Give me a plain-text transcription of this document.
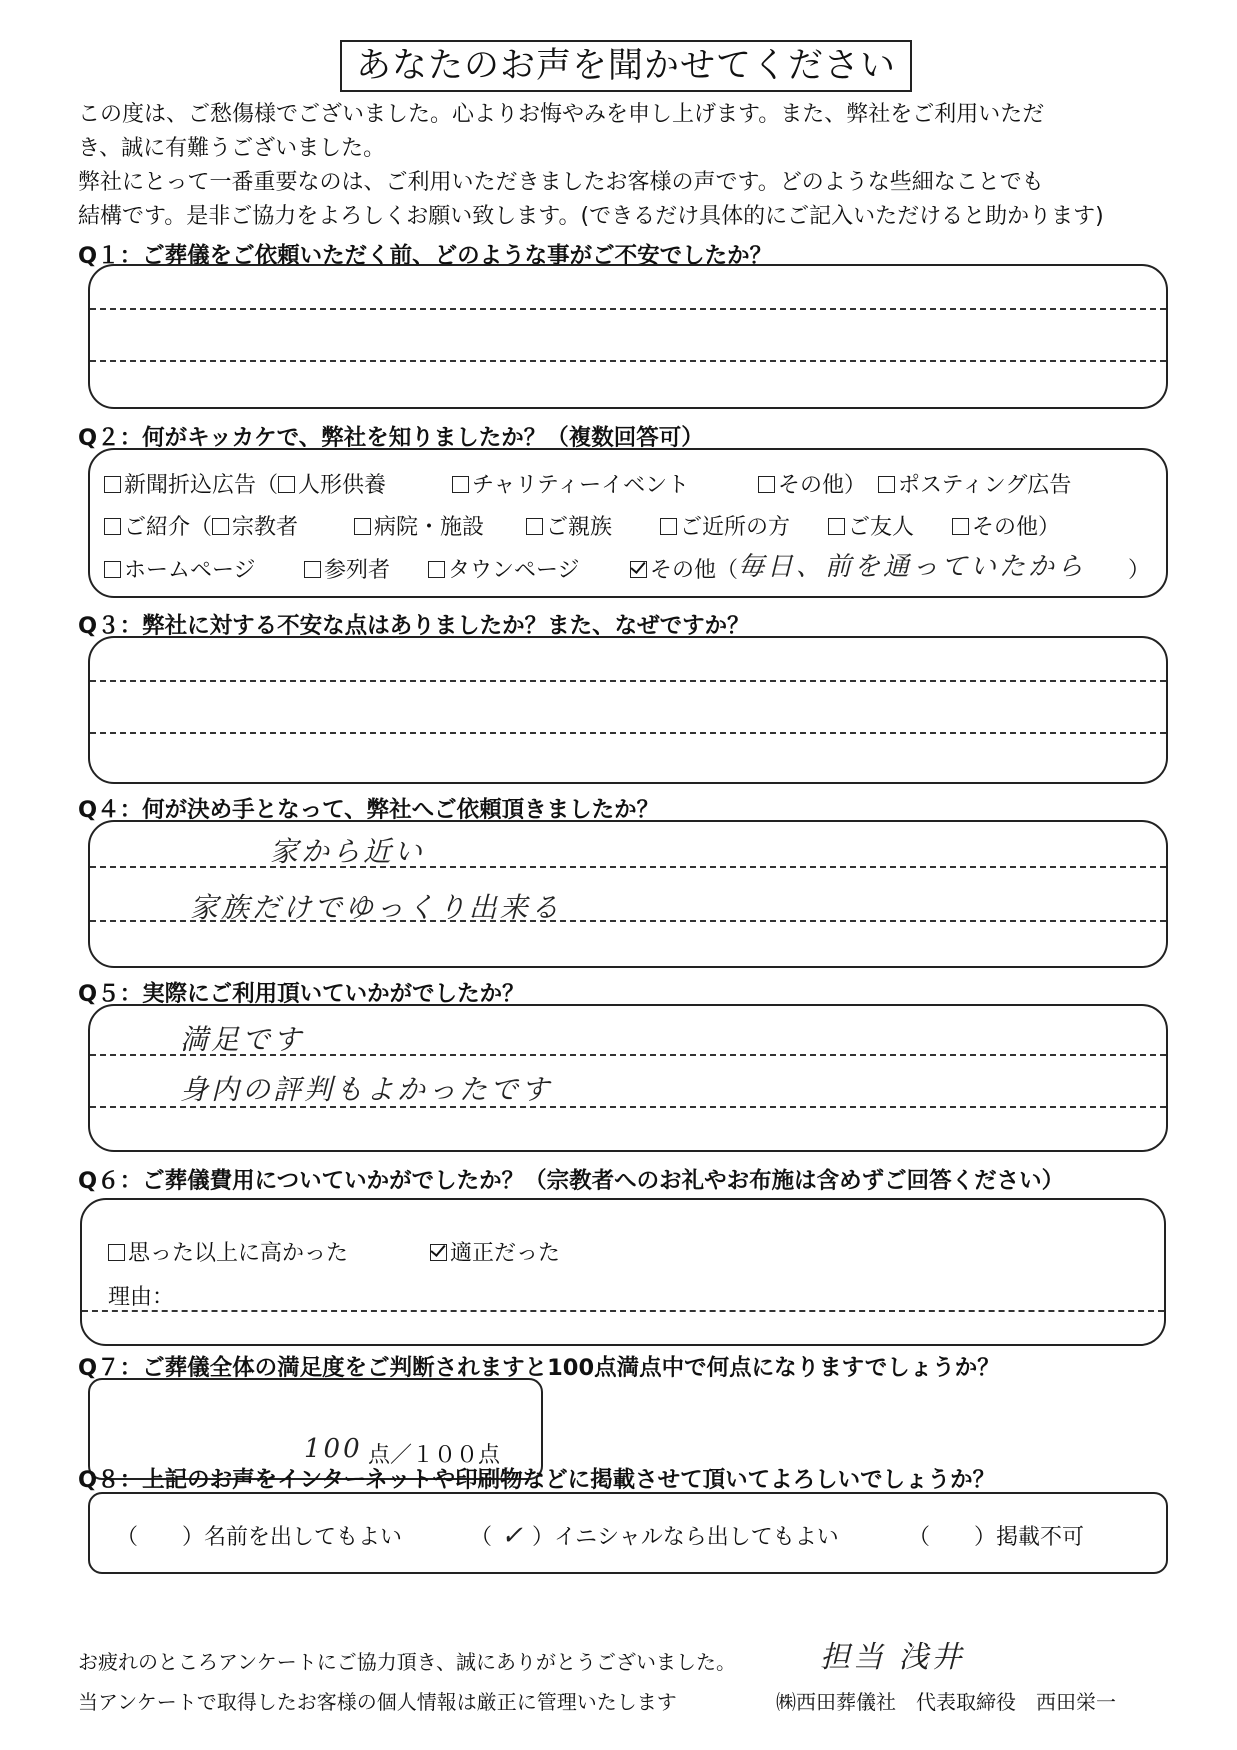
あなたのお声を聞かせてください
この度は、ご愁傷様でございました。心よりお悔やみを申し上げます。また、弊社をご利用いただ
き、誠に有難うございました。
弊社にとって一番重要なのは、ご利用いただきましたお客様の声です。どのような些細なことでも
結構です。是非ご協力をよろしくお願い致します。(できるだけ具体的にご記入いただけると助かります)
Q１：ご葬儀をご依頼いただく前、どのような事がご不安でしたか？
Q２：何がキッカケで、弊社を知りましたか？（複数回答可）
新聞折込広告（ 人形供養	チャリティーイベント	その他）	ポスティング広告
ご紹介（ 宗教者	病院・施設	ご親族	ご近所の方	ご友人	その他）
ホームページ	参列者	タウンページ	その他（ 毎日、前を通っていたから ）
Q３：弊社に対する不安な点はありましたか？また、なぜですか？
Q４：何が決め手となって、弊社へご依頼頂きましたか？
家から近い
家族だけでゆっくり出来る
Q５：実際にご利用頂いていかがでしたか？
満足です
身内の評判もよかったです
Q６：ご葬儀費用についていかがでしたか？（宗教者へのお礼やお布施は含めずご回答ください）
思った以上に高かった	適正だった
理由：
Q７：ご葬儀全体の満足度をご判断されますと100点満点中で何点になりますでしょうか？
100 点／１００点
Q８：上記のお声をインターネットや印刷物などに掲載させて頂いてよろしいでしょうか？
（　　）名前を出してもよい	（ ✓ ）イニシャルなら出してもよい	（　　）掲載不可
お疲れのところアンケートにご協力頂き、誠にありがとうございました。	担当 浅井
当アンケートで取得したお客様の個人情報は厳正に管理いたします	㈱西田葬儀社　代表取締役　西田栄一
